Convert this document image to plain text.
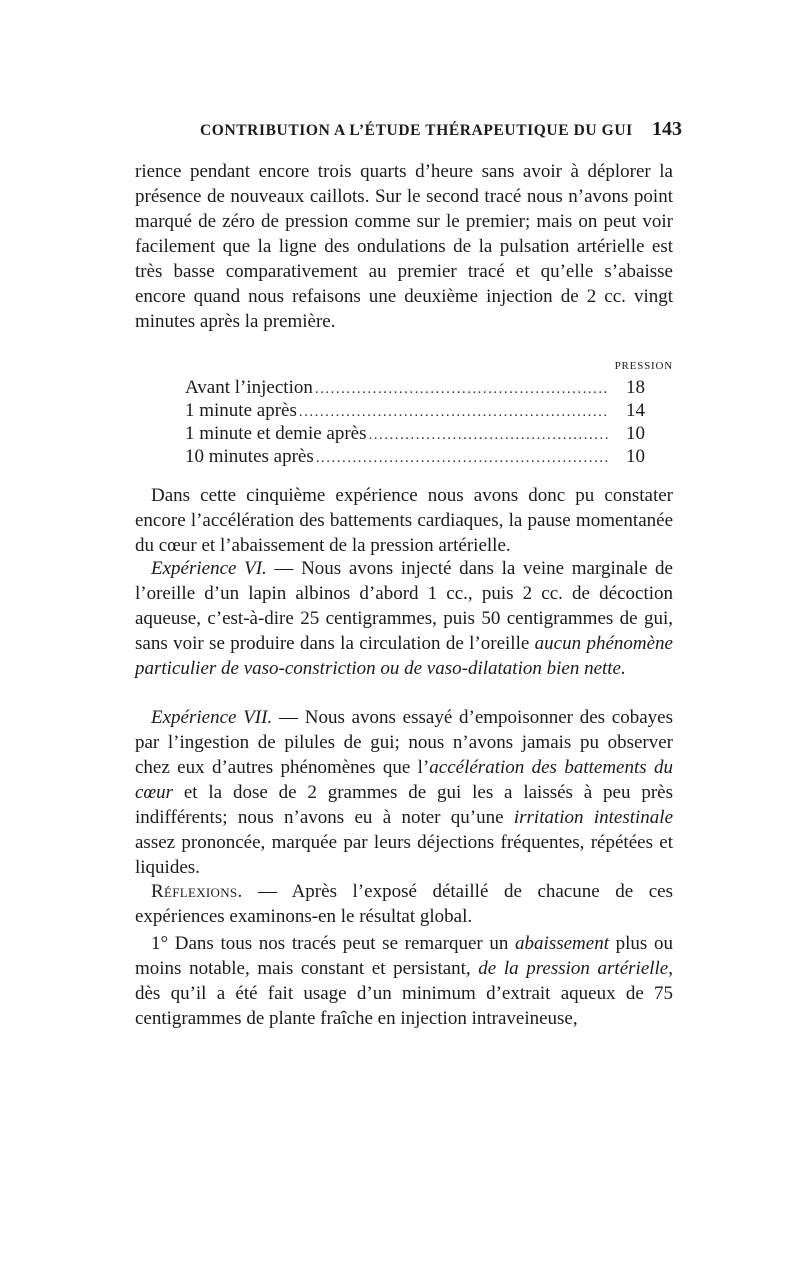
CONTRIBUTION A L’ÉTUDE THÉRAPEUTIQUE DU GUI 143
rience pendant encore trois quarts d’heure sans avoir à déplorer la présence de nouveaux caillots. Sur le second tracé nous n’avons point marqué de zéro de pression comme sur le premier; mais on peut voir facilement que la ligne des ondulations de la pulsation artérielle est très basse comparativement au premier tracé et qu’elle s’abaisse encore quand nous refaisons une deuxième injection de 2 cc. vingt minutes après la première.
PRESSION
Avant l’injection .....	18
1 minute après .....	14
1 minute et demie après .....	10
10 minutes après .....	10
Dans cette cinquième expérience nous avons donc pu constater encore l’accélération des battements cardiaques, la pause momentanée du cœur et l’abaissement de la pression artérielle.
Expérience VI. — Nous avons injecté dans la veine marginale de l’oreille d’un lapin albinos d’abord 1 cc., puis 2 cc. de décoction aqueuse, c’est-à-dire 25 centigrammes, puis 50 centigrammes de gui, sans voir se produire dans la circulation de l’oreille aucun phénomène particulier de vaso-constriction ou de vaso-dilatation bien nette.
Expérience VII. — Nous avons essayé d’empoisonner des cobayes par l’ingestion de pilules de gui; nous n’avons jamais pu observer chez eux d’autres phénomènes que l’accélération des battements du cœur et la dose de 2 grammes de gui les a laissés à peu près indifférents; nous n’avons eu à noter qu’une irritation intestinale assez prononcée, marquée par leurs déjections fréquentes, répétées et liquides.
Réflexions. — Après l’exposé détaillé de chacune de ces expériences examinons-en le résultat global.
1° Dans tous nos tracés peut se remarquer un abaissement plus ou moins notable, mais constant et persistant, de la pression artérielle, dès qu’il a été fait usage d’un minimum d’extrait aqueux de 75 centigrammes de plante fraîche en injection intraveineuse,
